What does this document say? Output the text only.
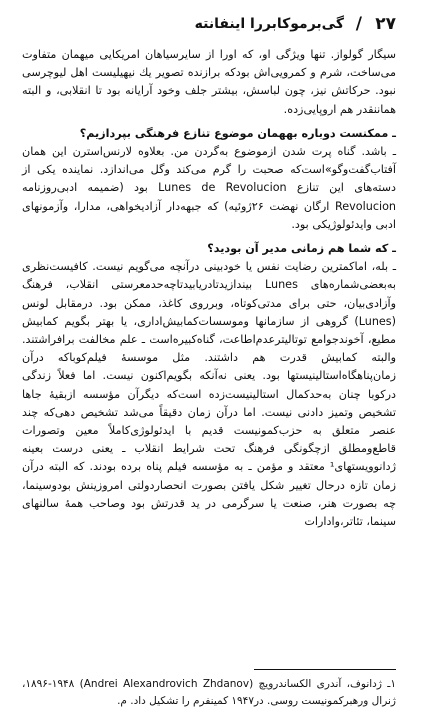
۲۷
/
گی‌برموکابررا اینفانته

سیگار گولواز. تنها ویژگی او، که اورا از سایرسیاهان امریکایی میهمان متفاوت می‌ساخت، شرم و کمرویی‌اش بودکه برازنده تصویر یك نیهیلیست اهل لیوچرسی نبود. حرکاتش نیز، چون لباسش، بیشتر جلف وخود آرایانه بود تا انقلابی، و البته هماننقدر هم اروپایی‌زده.

ـ ممکنست دوباره بههمان موضوع تنازع فرهنگی بپردازیم؟

ـ باشد. گناه پرت شدن ازموضوع به‌گردن من. بعلاوه لارنس‌استرن این همان آفتاب‌گفت‌وگو»است‌که صحبت را گرم می‌کند وگل می‌اندازد. نماینده یکی از دسته‌های این تنازع Lunes de Revolucion بود (ضمیمه ادبی‌روزنامه Revolucion ارگان نهضت ۲۶ژوئیه) که جبهه‌دار آزادیخواهی، مدارا، وآزمونهای ادبی وایدئولوژیکی بود.

ـ که شما هم زمانی مدیر آن بودید؟

ـ بله، اماکمترین رضایت نفس یا خودبینی درآنچه می‌گویم نیست. کافیست‌نظری به‌بعضی‌شماره‌های Lunes بیندازیدتادریابیدتاچه‌حدمعرستی انقلاب، فرهنگ وآزادی‌بیان، حتی برای مدتی‌کوتاه، وبرروی کاغذ، ممکن بود. درمقابل لونس (Lunes) گروهی از سازمانها وموسسات‌کمابیش‌اداری، یا بهتر بگویم کمابیش مطیع، آخوندجوامع توتالیترعدم‌اطاعت، گناه‌کبیره‌است ـ علم مخالفت برافراشتند. والبته کمابیش قدرت هم داشتند. مثل موسسهٔ فیلم‌کوباکه درآن زمان‌پناهگاه‌استالینیستها بود. یعنی نه‌آنکه بگویم‌اکنون نیست. اما فعلاً زندگی درکوبا چنان به‌حدکمال استالینیست‌زده است‌که دیگرآن مؤسسه ازبقیهٔ جاها تشخیص وتمیز دادنی نیست. اما درآن زمان دقیقاً می‌شد تشخیص دهی‌که چند عنصر متعلق به‌ حزب‌کمونیست قدیم با ایدئولوژی‌کاملاً معین وتصورات قاطع‌ومطلق ازچگونگی فرهنگ تحت شرایط انقلاب ـ یعنی درست بعینه ژدانوویستهای¹ معتقد و مؤمن ـ به مؤسسه فیلم پناه برده بودند. که البته درآن زمان تازه درحال تغییر شکل یافتن بصورت انحصاردولتی امروزینش بودوسینما، چه بصورت هنر، صنعت یا سرگرمی در ید قدرتش بود وصاحب همهٔ سالنهای سینما، تئاتر،وادارات

۱ـ ژدانوف، آندری الکساندرویچ (Andrei Alexandrovich Zhdanov) ۱۸۹۶-۱۹۴۸، ژنرال ورهبرکمونیست روسی. در۱۹۴۷ کمینفرم را تشکیل داد. م.
